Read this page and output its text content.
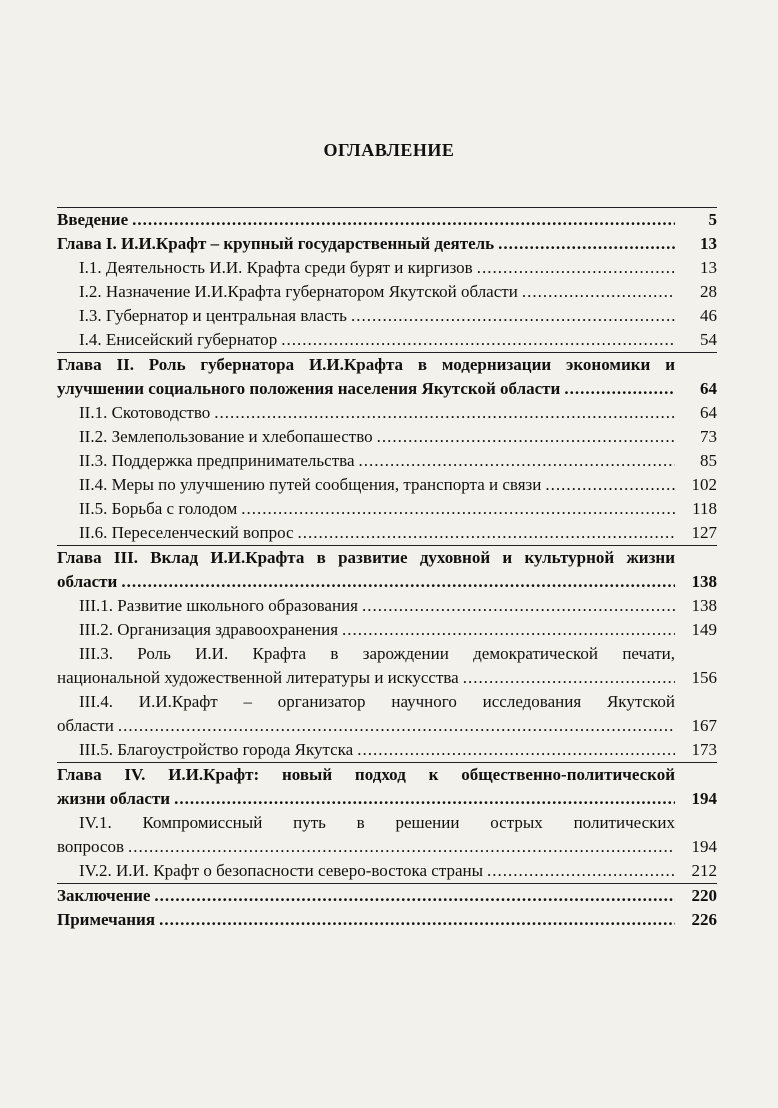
ОГЛАВЛЕНИЕ
Введение .....	5
Глава I. И.И.Крафт – крупный государственный деятель .....	13
I.1. Деятельность И.И. Крафта среди бурят и киргизов .....	13
I.2. Назначение И.И.Крафта губернатором Якутской области .....	28
I.3. Губернатор и центральная власть .....	46
I.4. Енисейский губернатор .....	54
Глава II. Роль губернатора И.И.Крафта в модернизации экономики и
улучшении социального положения населения Якутской области .....	64
II.1. Скотоводство .....	64
II.2. Землепользование и хлебопашество .....	73
II.3. Поддержка предпринимательства .....	85
II.4. Меры по улучшению путей сообщения, транспорта и связи .....	102
II.5. Борьба с голодом .....	118
II.6. Переселенческий вопрос .....	127
Глава III. Вклад И.И.Крафта в развитие духовной и культурной жизни
области .....	138
III.1. Развитие школьного образования .....	138
III.2. Организация здравоохранения .....	149
III.3. Роль И.И. Крафта в зарождении демократической печати,
национальной художественной литературы и искусства .....	156
III.4. И.И.Крафт – организатор научного исследования Якутской
области .....	167
III.5. Благоустройство города Якутска .....	173
Глава IV. И.И.Крафт: новый подход к общественно-политической
жизни области .....	194
IV.1. Компромиссный путь в решении острых политических
вопросов .....	194
IV.2. И.И. Крафт о безопасности северо-востока страны .....	212
Заключение .....	220
Примечания .....	226
